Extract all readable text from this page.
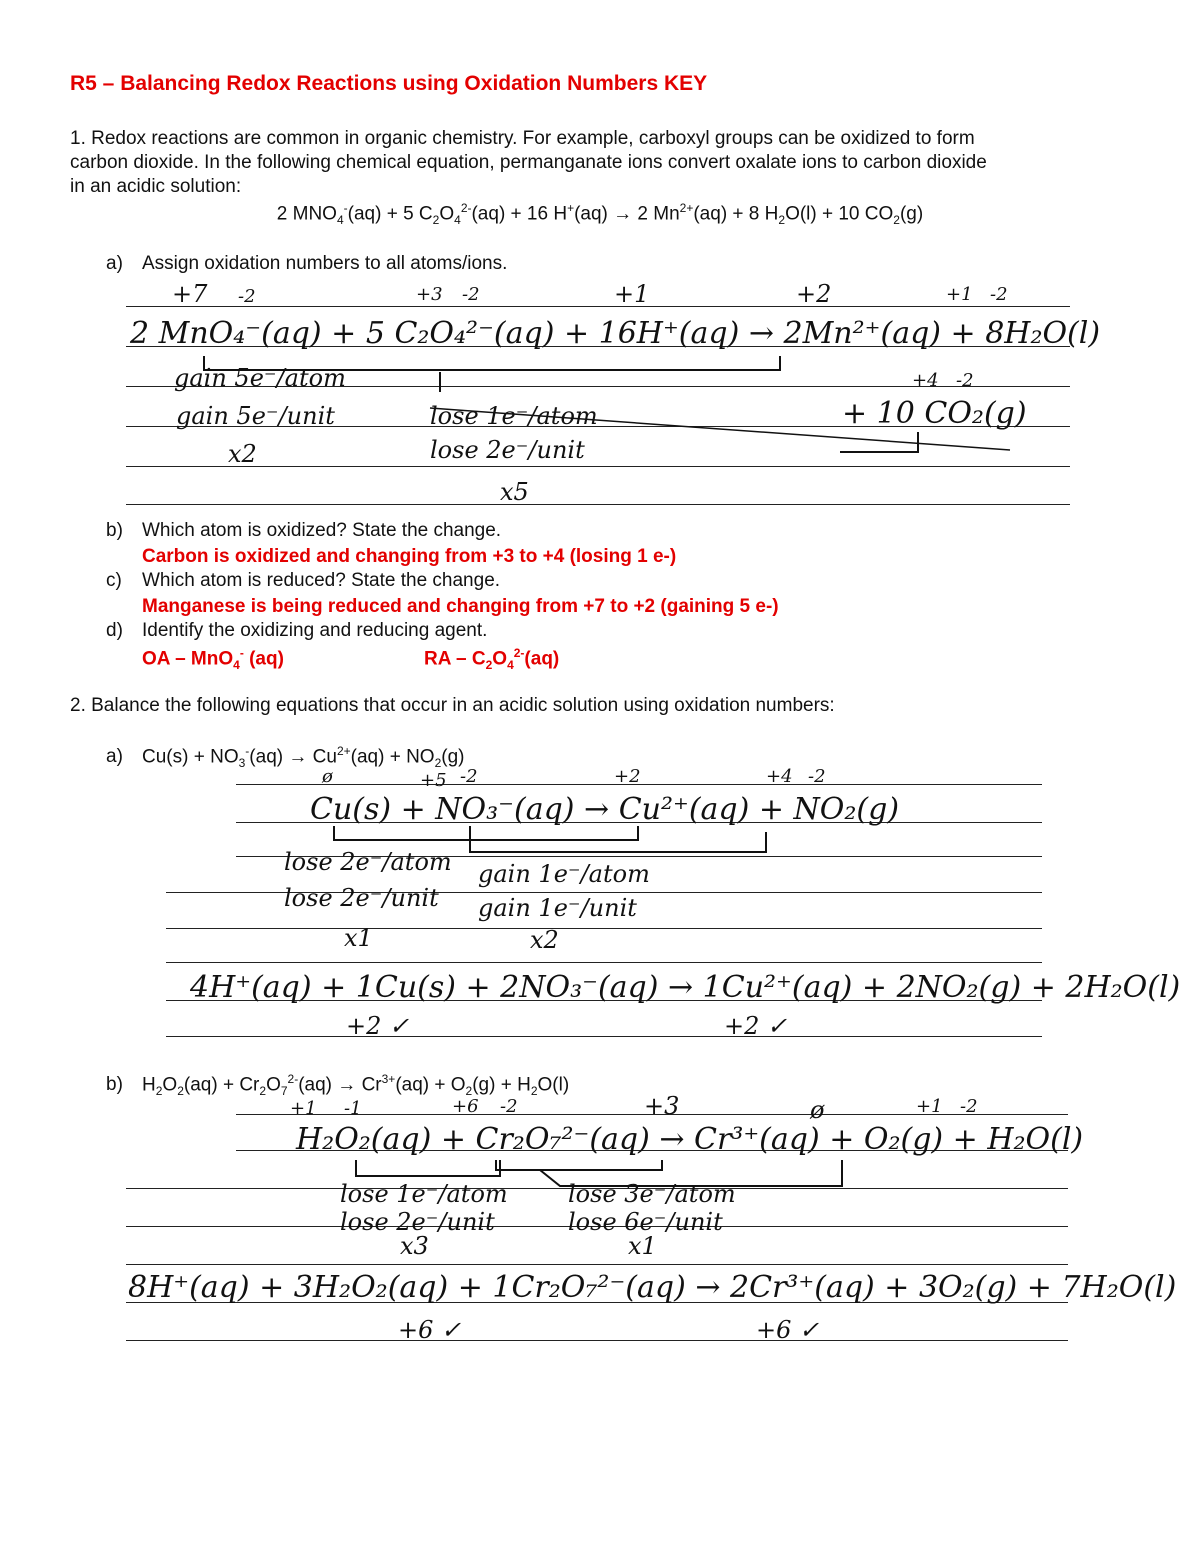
R5 – Balancing Redox Reactions using Oxidation Numbers KEY
1. Redox reactions are common in organic chemistry. For example, carboxyl groups can be oxidized to form
carbon dioxide. In the following chemical equation, permanganate ions convert oxalate ions to carbon dioxide
in an acidic solution:
2 $MNO_4^-(aq) + 5$ $C_2O_4^{2-}(aq) + 16$ H+(aq) → 2 $Mn^{2+}(aq) + 8$ $H_2O(l) + 10$ $CO_2(g)$
a) Assign oxidation numbers to all atoms/ions.
+7 -2	+3 -2	+1	+2	+1 -2
2 MnO₄⁻(aq) + 5 C₂O₄²⁻(aq) + 16H⁺(aq) → 2Mn²⁺(aq) + 8H₂O(l)
+4 -2
+ 10 CO₂(g)
gain 5e⁻/atom
gain 5e⁻/unit
x2
lose 1e⁻/atom
lose 2e⁻/unit
x5
b) Which atom is oxidized? State the change.
Carbon is oxidized and changing from +3 to +4 (losing 1 e-)
c) Which atom is reduced? State the change.
Manganese is being reduced and changing from +7 to +2 (gaining 5 e-)
d) Identify the oxidizing and reducing agent.
OA – MnO$_4$- (aq)	RA – $C_2O_4^{2-}(aq)$
2. Balance the following equations that occur in an acidic solution using oxidation numbers:
a) $Cu(s) + NO_3^-(aq) \to Cu^{2+}(aq) + NO_2(g)$
ø	+5 -2	+2	+4 -2
Cu(s) + NO₃⁻(aq) → Cu²⁺(aq) + NO₂(g)
lose 2e⁻/atom
lose 2e⁻/unit
x1
gain 1e⁻/atom
gain 1e⁻/unit
x2
4H⁺(aq) + 1Cu(s) + 2NO₃⁻(aq) → 1Cu²⁺(aq) + 2NO₂(g) + 2H₂O(l)
+2 ✓	+2 ✓
b) $H_2O_2(aq) + Cr_2O_7^{2-}(aq) \to Cr^{3+}(aq) + O_2(g) + H_2O(l)$
+1 -1	+6 -2	+3	ø	+1 -2
H₂O₂(aq) + Cr₂O₇²⁻(aq) → Cr³⁺(aq) + O₂(g) + H₂O(l)
lose 1e⁻/atom
lose 2e⁻/unit
x3
lose 3e⁻/atom
lose 6e⁻/unit
x1
8H⁺(aq) + 3H₂O₂(aq) + 1Cr₂O₇²⁻(aq) → 2Cr³⁺(aq) + 3O₂(g) + 7H₂O(l)
+6 ✓	+6 ✓
